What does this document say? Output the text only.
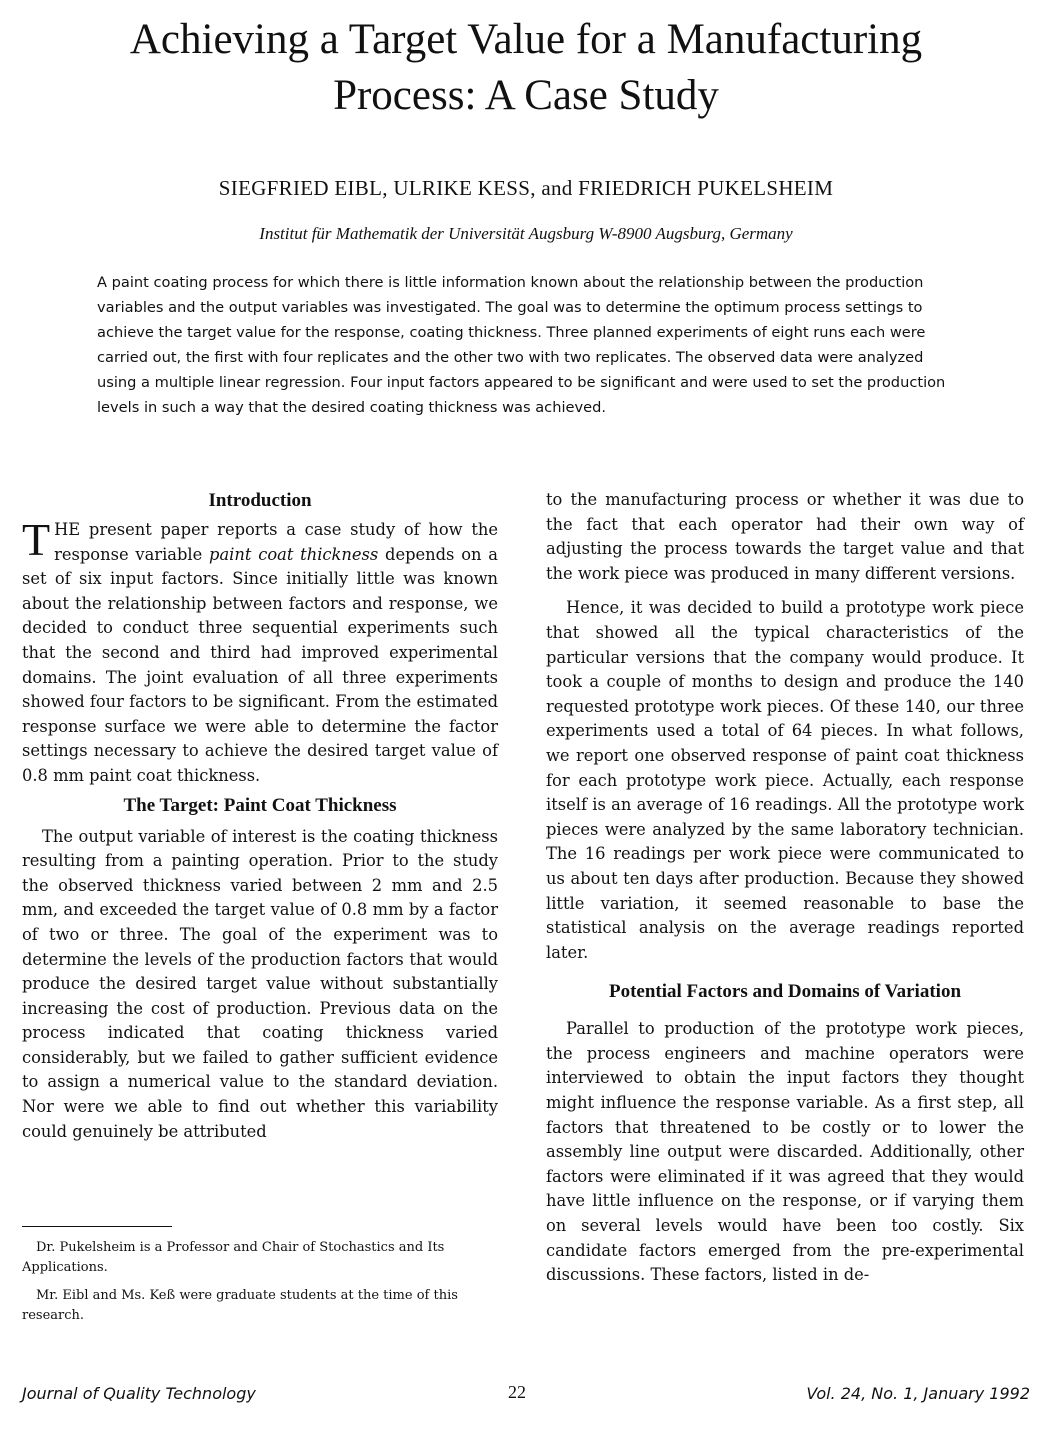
Achieving a Target Value for a Manufacturing
Process: A Case Study
SIEGFRIED EIBL, ULRIKE KESS, and FRIEDRICH PUKELSHEIM
Institut für Mathematik der Universität Augsburg W-8900 Augsburg, Germany
A paint coating process for which there is little information known about the relationship between the production variables and the output variables was investigated. The goal was to determine the optimum process settings to achieve the target value for the response, coating thickness. Three planned experiments of eight runs each were carried out, the first with four replicates and the other two with two replicates. The observed data were analyzed using a multiple linear regression. Four input factors appeared to be significant and were used to set the production levels in such a way that the desired coating thickness was achieved.
Introduction

THE present paper reports a case study of how the response variable paint coat thickness depends on a set of six input factors. Since initially little was known about the relationship between factors and response, we decided to conduct three sequential experiments such that the second and third had improved experimental domains. The joint evaluation of all three experiments showed four factors to be significant. From the estimated response surface we were able to determine the factor settings necessary to achieve the desired target value of 0.8 mm paint coat thickness.

The Target: Paint Coat Thickness

The output variable of interest is the coating thickness resulting from a painting operation. Prior to the study the observed thickness varied between 2 mm and 2.5 mm, and exceeded the target value of 0.8 mm by a factor of two or three. The goal of the experiment was to determine the levels of the production factors that would produce the desired target value without substantially increasing the cost of production. Previous data on the process indicated that coating thickness varied considerably, but we failed to gather sufficient evidence to assign a numerical value to the standard deviation. Nor were we able to find out whether this variability could genuinely be attributed

to the manufacturing process or whether it was due to the fact that each operator had their own way of adjusting the process towards the target value and that the work piece was produced in many different versions.

Hence, it was decided to build a prototype work piece that showed all the typical characteristics of the particular versions that the company would produce. It took a couple of months to design and produce the 140 requested prototype work pieces. Of these 140, our three experiments used a total of 64 pieces. In what follows, we report one observed response of paint coat thickness for each prototype work piece. Actually, each response itself is an average of 16 readings. All the prototype work pieces were analyzed by the same laboratory technician. The 16 readings per work piece were communicated to us about ten days after production. Because they showed little variation, it seemed reasonable to base the statistical analysis on the average readings reported later.

Potential Factors and Domains of Variation

Parallel to production of the prototype work pieces, the process engineers and machine operators were interviewed to obtain the input factors they thought might influence the response variable. As a first step, all factors that threatened to be costly or to lower the assembly line output were discarded. Additionally, other factors were eliminated if it was agreed that they would have little influence on the response, or if varying them on several levels would have been too costly. Six candidate factors emerged from the pre-experimental discussions. These factors, listed in de-

Dr. Pukelsheim is a Professor and Chair of Stochastics and Its Applications.

Mr. Eibl and Ms. Keß were graduate students at the time of this research.

Journal of Quality Technology	22	Vol. 24, No. 1, January 1992
